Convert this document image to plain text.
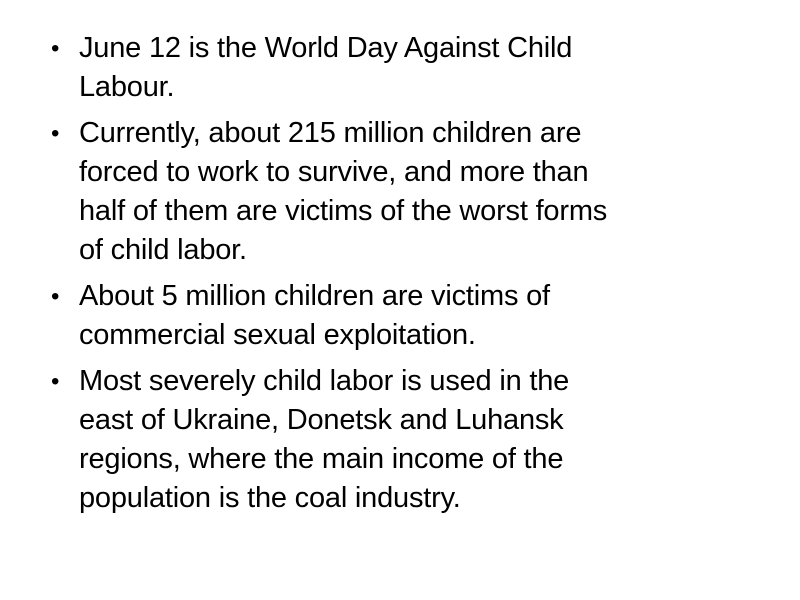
• June 12 is the World Day Against Child
Labour.
• Currently, about 215 million children are
forced to work to survive, and more than
half of them are victims of the worst forms
of child labor.
• About 5 million children are victims of
commercial sexual exploitation.
• Most severely child labor is used in the
east of Ukraine, Donetsk and Luhansk
regions, where the main income of the
population is the coal industry.
